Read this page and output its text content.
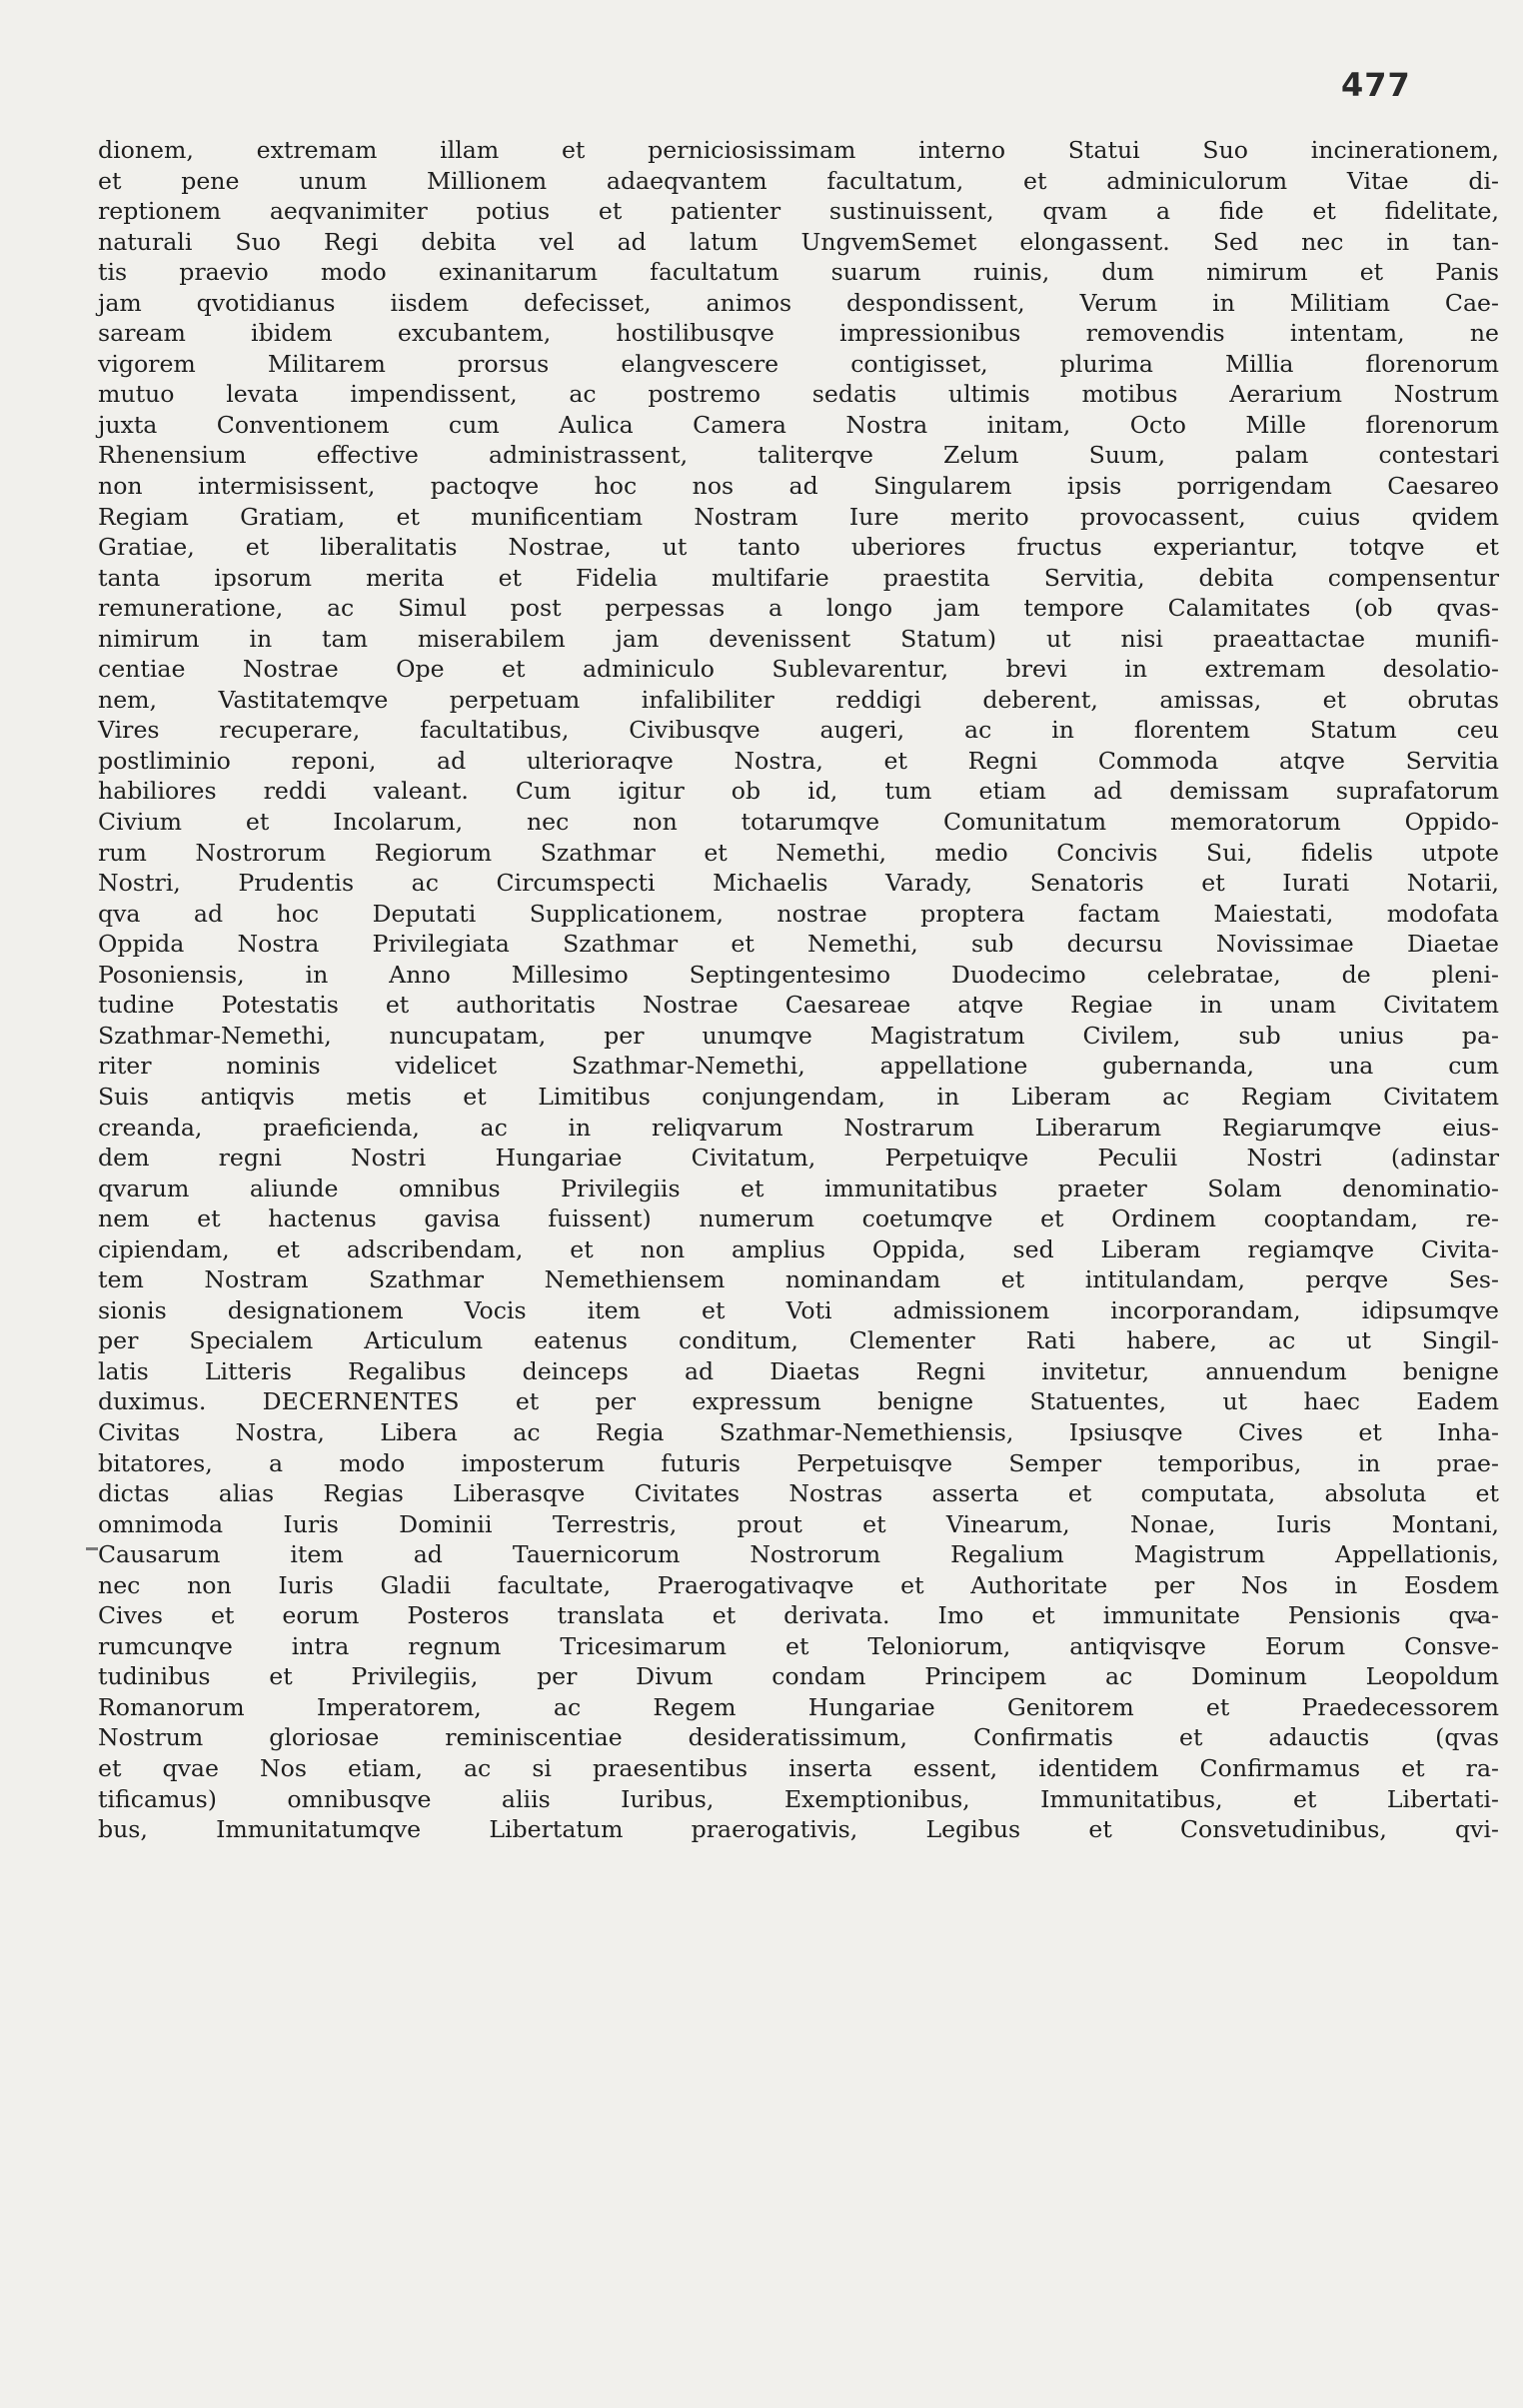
477
dionem, extremam illam et perniciosissimam interno Statui Suo incinerationem,
et pene unum Millionem adaeqvantem facultatum, et adminiculorum Vitae di-
reptionem aeqvanimiter potius et patienter sustinuissent, qvam a fide et fidelitate,
naturali Suo Regi debita vel ad latum UngvemSemet elongassent. Sed nec in tan-
tis praevio modo exinanitarum facultatum suarum ruinis, dum nimirum et Panis
jam qvotidianus iisdem defecisset, animos despondissent, Verum in Militiam Cae-
saream ibidem excubantem, hostilibusqve impressionibus removendis intentam, ne
vigorem Militarem prorsus elangvescere contigisset, plurima Millia florenorum
mutuo levata impendissent, ac postremo sedatis ultimis motibus Aerarium Nostrum
juxta Conventionem cum Aulica Camera Nostra initam, Octo Mille florenorum
Rhenensium effective administrassent, taliterqve Zelum Suum, palam contestari
non intermisissent, pactoqve hoc nos ad Singularem ipsis porrigendam Caesareo
Regiam Gratiam, et munificentiam Nostram Iure merito provocassent, cuius qvidem
Gratiae, et liberalitatis Nostrae, ut tanto uberiores fructus experiantur, totqve et
tanta ipsorum merita et Fidelia multifarie praestita Servitia, debita compensentur
remuneratione, ac Simul post perpessas a longo jam tempore Calamitates (ob qvas-
nimirum in tam miserabilem jam devenissent Statum) ut nisi praeattactae munifi-
centiae Nostrae Ope et adminiculo Sublevarentur, brevi in extremam desolatio-
nem, Vastitatemqve perpetuam infalibiliter reddigi deberent, amissas, et obrutas
Vires recuperare, facultatibus, Civibusqve augeri, ac in florentem Statum ceu
postliminio reponi, ad ulterioraqve Nostra, et Regni Commoda atqve Servitia
habiliores reddi valeant. Cum igitur ob id, tum etiam ad demissam suprafatorum
Civium et Incolarum, nec non totarumqve Comunitatum memoratorum Oppido-
rum Nostrorum Regiorum Szathmar et Nemethi, medio Concivis Sui, fidelis utpote
Nostri, Prudentis ac Circumspecti Michaelis Varady, Senatoris et Iurati Notarii,
qva ad hoc Deputati Supplicationem, nostrae proptera factam Maiestati, modofata
Oppida Nostra Privilegiata Szathmar et Nemethi, sub decursu Novissimae Diaetae
Posoniensis, in Anno Millesimo Septingentesimo Duodecimo celebratae, de pleni-
tudine Potestatis et authoritatis Nostrae Caesareae atqve Regiae in unam Civitatem
Szathmar-Nemethi, nuncupatam, per unumqve Magistratum Civilem, sub unius pa-
riter nominis videlicet Szathmar-Nemethi, appellatione gubernanda, una cum
Suis antiqvis metis et Limitibus conjungendam, in Liberam ac Regiam Civitatem
creanda, praeficienda, ac in reliqvarum Nostrarum Liberarum Regiarumqve eius-
dem regni Nostri Hungariae Civitatum, Perpetuiqve Peculii Nostri (adinstar
qvarum aliunde omnibus Privilegiis et immunitatibus praeter Solam denominatio-
nem et hactenus gavisa fuissent) numerum coetumqve et Ordinem cooptandam, re-
cipiendam, et adscribendam, et non amplius Oppida, sed Liberam regiamqve Civita-
tem Nostram Szathmar Nemethiensem nominandam et intitulandam, perqve Ses-
sionis designationem Vocis item et Voti admissionem incorporandam, idipsumqve
per Specialem Articulum eatenus conditum, Clementer Rati habere, ac ut Singil-
latis Litteris Regalibus deinceps ad Diaetas Regni invitetur, annuendum benigne
duximus. DECERNENTES et per expressum benigne Statuentes, ut haec Eadem
Civitas Nostra, Libera ac Regia Szathmar-Nemethiensis, Ipsiusqve Cives et Inha-
bitatores, a modo imposterum futuris Perpetuisqve Semper temporibus, in prae-
dictas alias Regias Liberasqve Civitates Nostras asserta et computata, absoluta et
omnimoda Iuris Dominii Terrestris, prout et Vinearum, Nonae, Iuris Montani,
Causarum item ad Tauernicorum Nostrorum Regalium Magistrum Appellationis,
nec non Iuris Gladii facultate, Praerogativaqve et Authoritate per Nos in Eosdem
Cives et eorum Posteros translata et derivata. Imo et immunitate Pensionis qva-
rumcunqve intra regnum Tricesimarum et Teloniorum, antiqvisqve Eorum Consve-
tudinibus et Privilegiis, per Divum condam Principem ac Dominum Leopoldum
Romanorum Imperatorem, ac Regem Hungariae Genitorem et Praedecessorem
Nostrum gloriosae reminiscentiae desideratissimum, Confirmatis et adauctis (qvas
et qvae Nos etiam, ac si praesentibus inserta essent, identidem Confirmamus et ra-
tificamus) omnibusqve aliis Iuribus, Exemptionibus, Immunitatibus, et Libertati-
bus, Immunitatumqve Libertatum praerogativis, Legibus et Consvetudinibus, qvi-
